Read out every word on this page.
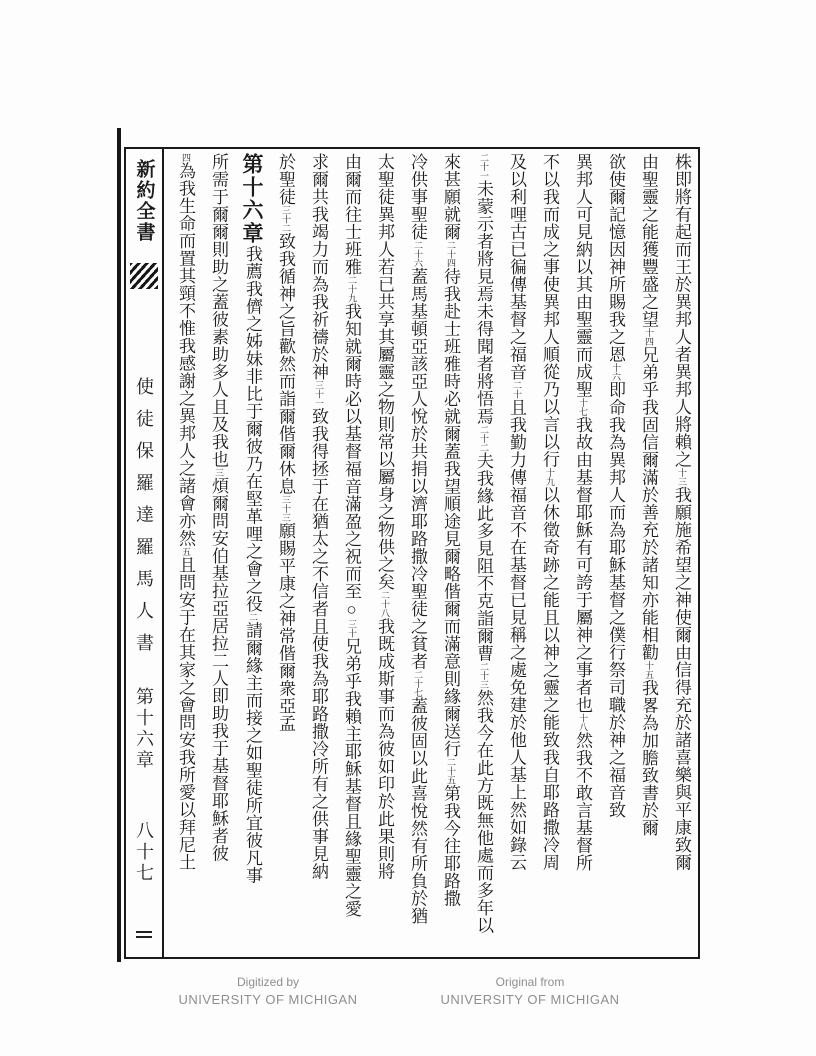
新約全書
使徒保羅達羅馬人書
第十六章
八十七
株即將有起而王於異邦人者異邦人將賴之$^{十三}$我願施希望之神使爾由信得充於諸喜樂與平康致爾
由聖靈之能獲豐盛之望$^{十四}$兄弟乎我固信爾滿於善充於諸知亦能相勸$^{十五}$我畧為加膽致書於爾
欲使爾記憶因神所賜我之恩$^{十六}$即命我為異邦人而為耶穌基督之僕行祭司職於神之福音致
異邦人可見納以其由聖靈而成聖$^{十七}$我故由基督耶穌有可誇于屬神之事者也$^{十八}$然我不敢言基督所
不以我而成之事使異邦人順從乃以言以行$^{十九}$以休徵奇跡之能且以神之靈之能致我自耶路撒冷周
及以利哩古已徧傳基督之福音$^{二十}$且我勤力傳福音不在基督已見稱之處免建於他人基上然如錄云
$^{二十一}$未蒙示者將見焉未得聞者將悟焉$^{二十二}$夫我緣此多見阻不克詣爾曹$^{二十三}$然我今在此方既無他處而多年以
來甚願就爾$^{二十四}$待我赴士班雅時必就爾蓋我望順途見爾略偕爾而滿意則緣爾送行$^{二十五}$第我今往耶路撒
冷供事聖徒$^{二十六}$蓋馬基頓亞該亞人悅於共捐以濟耶路撒冷聖徒之貧者$^{二十七}$蓋彼固以此喜悅然有所負於猶
太聖徒異邦人若已共享其屬靈之物則常以屬身之物供之矣$^{二十八}$我既成斯事而為彼如印於此果則將
由爾而往士班雅$^{二十九}$我知就爾時必以基督福音滿盈之祝而至○$^{三十}$兄弟乎我賴主耶穌基督且緣聖靈之愛
求爾共我竭力而為我祈禱於神$^{三十一}$致我得拯于在猶太之不信者且使我為耶路撒冷所有之供事見納
於聖徒$^{三十二}$致我循神之旨歡然而詣爾偕爾休息$^{三十三}$願賜平康之神常偕爾衆亞孟
第十六章我薦我儕之姊妹非比于爾彼乃在堅革哩之會之役$^二$請爾緣主而接之如聖徒所宜彼凡事
所需于爾爾則助之蓋彼素助多人且及我也$^三$煩爾問安伯基拉亞居拉二人即助我于基督耶穌者彼
$^四$為我生命而置其頸不惟我感謝之異邦人之諸會亦然$^五$且問安于在其家之會問安我所愛以拜尼土
Digitized by
UNIVERSITY OF MICHIGAN
Original from
UNIVERSITY OF MICHIGAN
